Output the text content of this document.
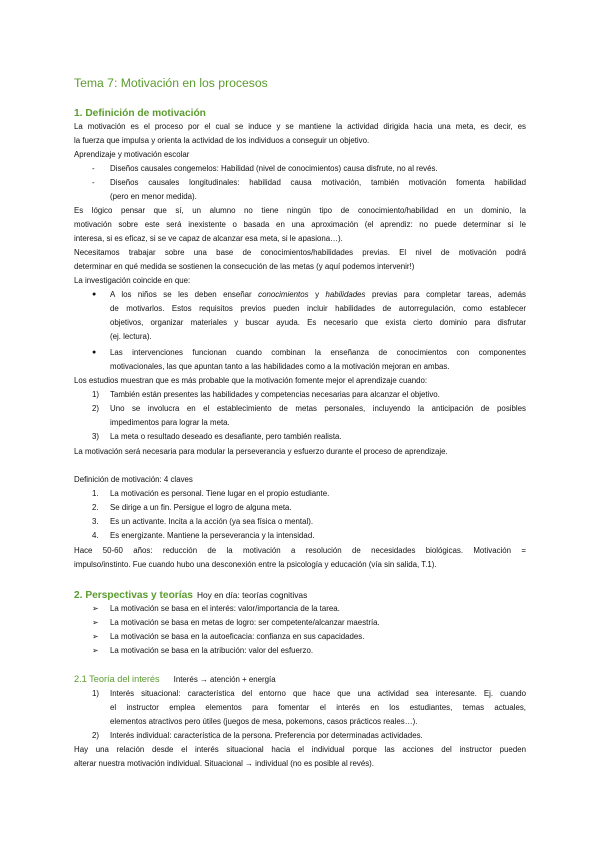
Tema 7: Motivación en los procesos
1. Definición de motivación
La motivación es el proceso por el cual se induce y se mantiene la actividad dirigida hacia una meta, es decir, es
la fuerza que impulsa y orienta la actividad de los individuos a conseguir un objetivo.
Aprendizaje y motivación escolar
- Diseños causales congemelos: Habilidad (nivel de conocimientos) causa disfrute, no al revés.
- Diseños causales longitudinales: habilidad causa motivación, también motivación fomenta habilidad
(pero en menor medida).
Es lógico pensar que sí, un alumno no tiene ningún tipo de conocimiento/habilidad en un dominio, la
motivación sobre este será inexistente o basada en una aproximación (el aprendiz: no puede determinar si le
interesa, si es eficaz, si se ve capaz de alcanzar esa meta, si le apasiona…).
Necesitamos trabajar sobre una base de conocimientos/habilidades previas. El nivel de motivación podrá
determinar en qué medida se sostienen la consecución de las metas (y aquí podemos intervenir!)
La investigación coincide en que:
● A los niños se les deben enseñar conocimientos y habilidades previas para completar tareas, además
de motivarlos. Estos requisitos previos pueden incluir habilidades de autorregulación, como establecer
objetivos, organizar materiales y buscar ayuda. Es necesario que exista cierto dominio para disfrutar
(ej. lectura).
● Las intervenciones funcionan cuando combinan la enseñanza de conocimientos con componentes
motivacionales, las que apuntan tanto a las habilidades como a la motivación mejoran en ambas.
Los estudios muestran que es más probable que la motivación fomente mejor el aprendizaje cuando:
1) También están presentes las habilidades y competencias necesarias para alcanzar el objetivo.
2) Uno se involucra en el establecimiento de metas personales, incluyendo la anticipación de posibles
impedimentos para lograr la meta.
3) La meta o resultado deseado es desafiante, pero también realista.
La motivación será necesaria para modular la perseverancia y esfuerzo durante el proceso de aprendizaje.
Definición de motivación: 4 claves
1. La motivación es personal. Tiene lugar en el propio estudiante.
2. Se dirige a un fin. Persigue el logro de alguna meta.
3. Es un activante. Incita a la acción (ya sea física o mental).
4. Es energizante. Mantiene la perseverancia y la intensidad.
Hace 50-60 años: reducción de la motivación a resolución de necesidades biológicas. Motivación =
impulso/instinto. Fue cuando hubo una desconexión entre la psicología y educación (vía sin salida, T.1).
2. Perspectivas y teorías Hoy en día: teorías cognitivas
➢ La motivación se basa en el interés: valor/importancia de la tarea.
➢ La motivación se basa en metas de logro: ser competente/alcanzar maestría.
➢ La motivación se basa en la autoeficacia: confianza en sus capacidades.
➢ La motivación se basa en la atribución: valor del esfuerzo.
2.1 Teoría del interés Interés → atención + energía
1) Interés situacional: característica del entorno que hace que una actividad sea interesante. Ej. cuando
el instructor emplea elementos para fomentar el interés en los estudiantes, temas actuales,
elementos atractivos pero útiles (juegos de mesa, pokemons, casos prácticos reales…).
2) Interés individual: característica de la persona. Preferencia por determinadas actividades.
Hay una relación desde el interés situacional hacia el individual porque las acciones del instructor pueden
alterar nuestra motivación individual. Situacional → individual (no es posible al revés).
